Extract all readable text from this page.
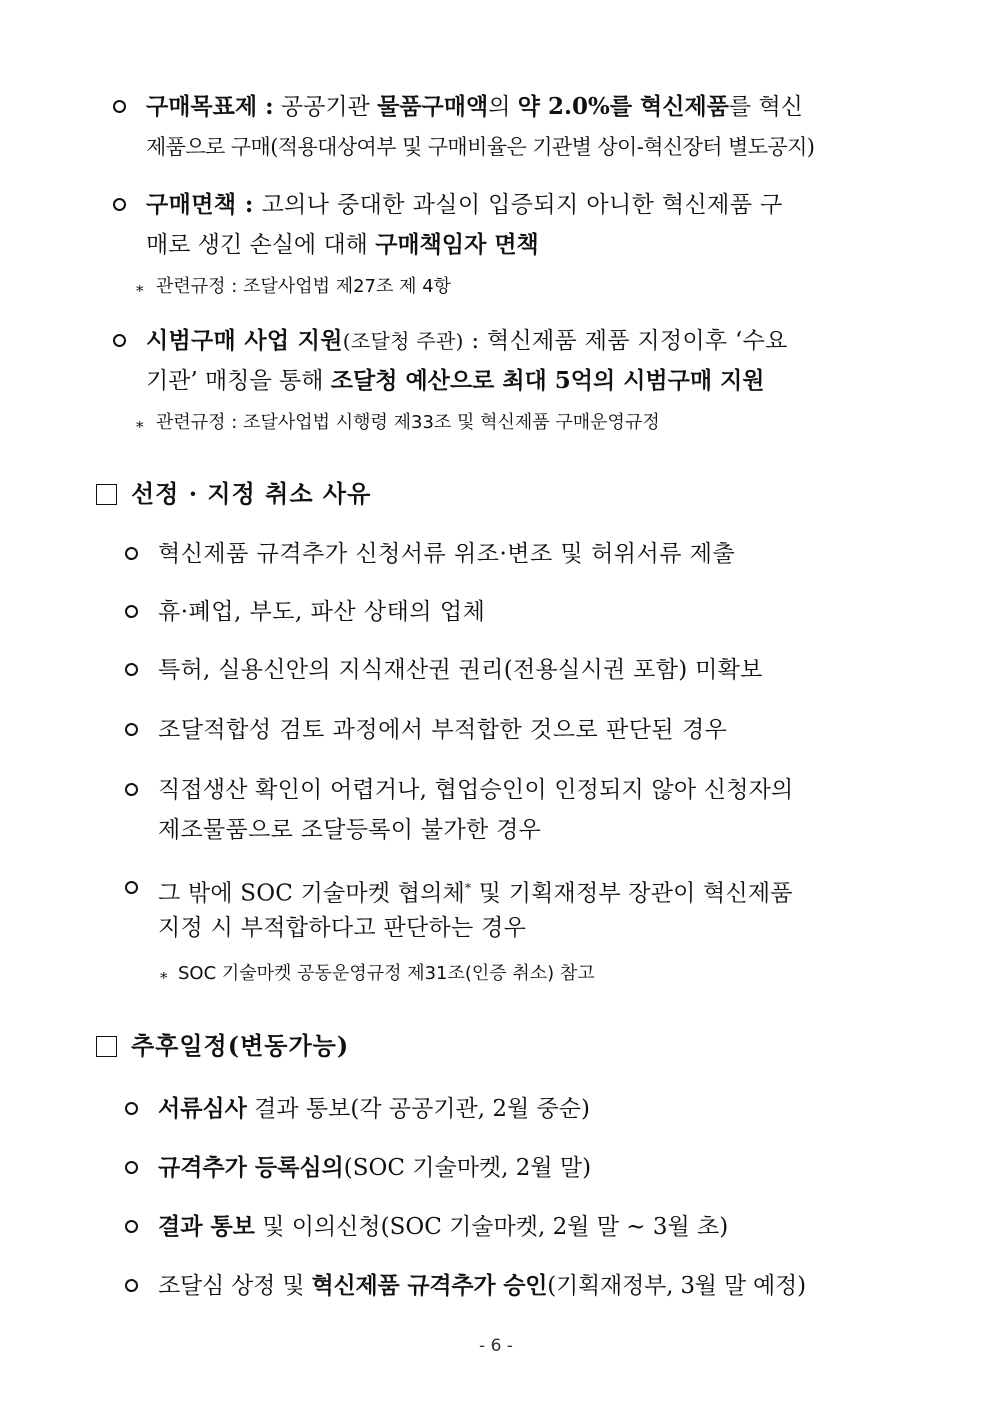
구매목표제 : 공공기관 물품구매액의 약 2.0%를 혁신제품를 혁신
제품으로 구매(적용대상여부 및 구매비율은 기관별 상이-혁신장터 별도공지)
구매면책 : 고의나 중대한 과실이 입증되지 아니한 혁신제품 구
매로 생긴 손실에 대해 구매책임자 면책
* 관련규정 : 조달사업법 제27조 제 4항
시범구매 사업 지원(조달청 주관) : 혁신제품 제품 지정이후 ‘수요
기관’ 매칭을 통해 조달청 예산으로 최대 5억의 시범구매 지원
* 관련규정 : 조달사업법 시행령 제33조 및 혁신제품 구매운영규정
선정 · 지정 취소 사유
혁신제품 규격추가 신청서류 위조·변조 및 허위서류 제출
휴·폐업, 부도, 파산 상태의 업체
특허, 실용신안의 지식재산권 권리(전용실시권 포함) 미확보
조달적합성 검토 과정에서 부적합한 것으로 판단된 경우
직접생산 확인이 어렵거나, 협업승인이 인정되지 않아 신청자의
제조물품으로 조달등록이 불가한 경우
그 밖에 SOC 기술마켓 협의체* 및 기획재정부 장관이 혁신제품
지정 시 부적합하다고 판단하는 경우
* SOC 기술마켓 공동운영규정 제31조(인증 취소) 참고
추후일정(변동가능)
서류심사 결과 통보(각 공공기관, 2월 중순)
규격추가 등록심의(SOC 기술마켓, 2월 말)
결과 통보 및 이의신청(SOC 기술마켓, 2월 말 ~ 3월 초)
조달심 상정 및 혁신제품 규격추가 승인(기획재정부, 3월 말 예정)
- 6 -
